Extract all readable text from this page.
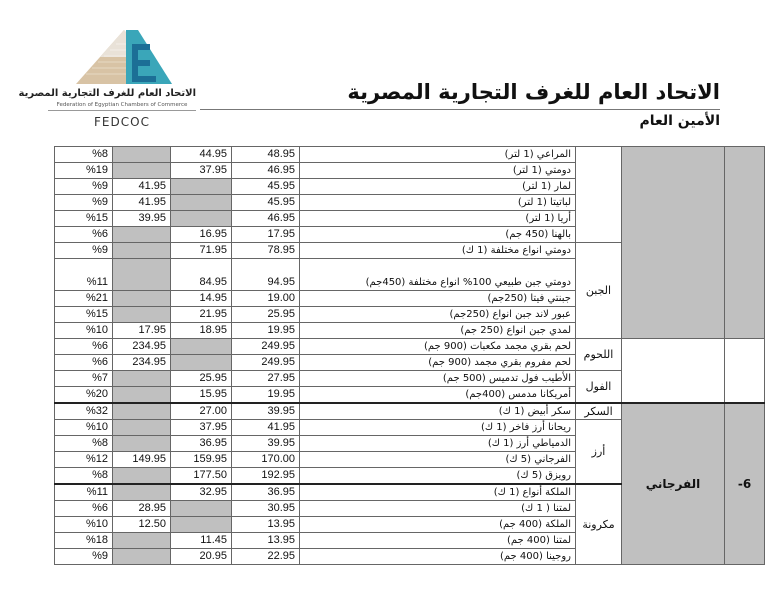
الاتحاد العام للغرف التجارية المصرية
Federation of Egyptian Chambers of Commerce
FEDCOC
الاتحاد العام للغرف التجارية المصرية
الأمين العام
%8		44.95	48.95	المراعي (1 لتر)			
%19		37.95	46.95	دومتي (1 لتر)			
%9	41.95		45.95	لمار (1 لتر)			
%9	41.95		45.95	لباتيتا (1 لتر)			
%15	39.95		46.95	أريا (1 لتر)			
%6		16.95	17.95	بالهنا (450 جم)			
%9		71.95	78.95	دومتي انواع مختلفة (1 ك)	الجبن		
%11		84.95	94.95	دومتي جبن طبيعي 100% انواع مختلفة (450جم)			
%21		14.95	19.00	جبنتي فيتا (250جم)			
%15		21.95	25.95	عبور لاند جبن انواع (250جم)			
%10	17.95	18.95	19.95	لمدي جبن انواع (250 جم)			
%6	234.95		249.95	لحم بقري مجمد مكعبات (900 جم)	اللحوم		
%6	234.95		249.95	لحم مفروم بقري مجمد (900 جم)			
%7		25.95	27.95	الأطيب فول تدميس (500 جم)	الفول		
%20		15.95	19.95	أمريكانا مدمس (400جم)			
%32		27.00	39.95	سكر أبيض (1 ك)	السكر	الفرجاني	6-
%10		37.95	41.95	ريحانا أرز فاخر (1 ك)	أرز		
%8		36.95	39.95	الدمياطي أرز (1 ك)			
%12	149.95	159.95	170.00	الفرجاني (5 ك)			
%8		177.50	192.95	رويزق (5 ك)			
%11		32.95	36.95	الملكة أنواع (1 ك)	مكرونة		
%6	28.95		30.95	لمتنا ( 1 ك)			
%10	12.50		13.95	الملكة (400 جم)			
%18		11.45	13.95	لمتنا (400 جم)			
%9		20.95	22.95	روجينا (400 جم)			
